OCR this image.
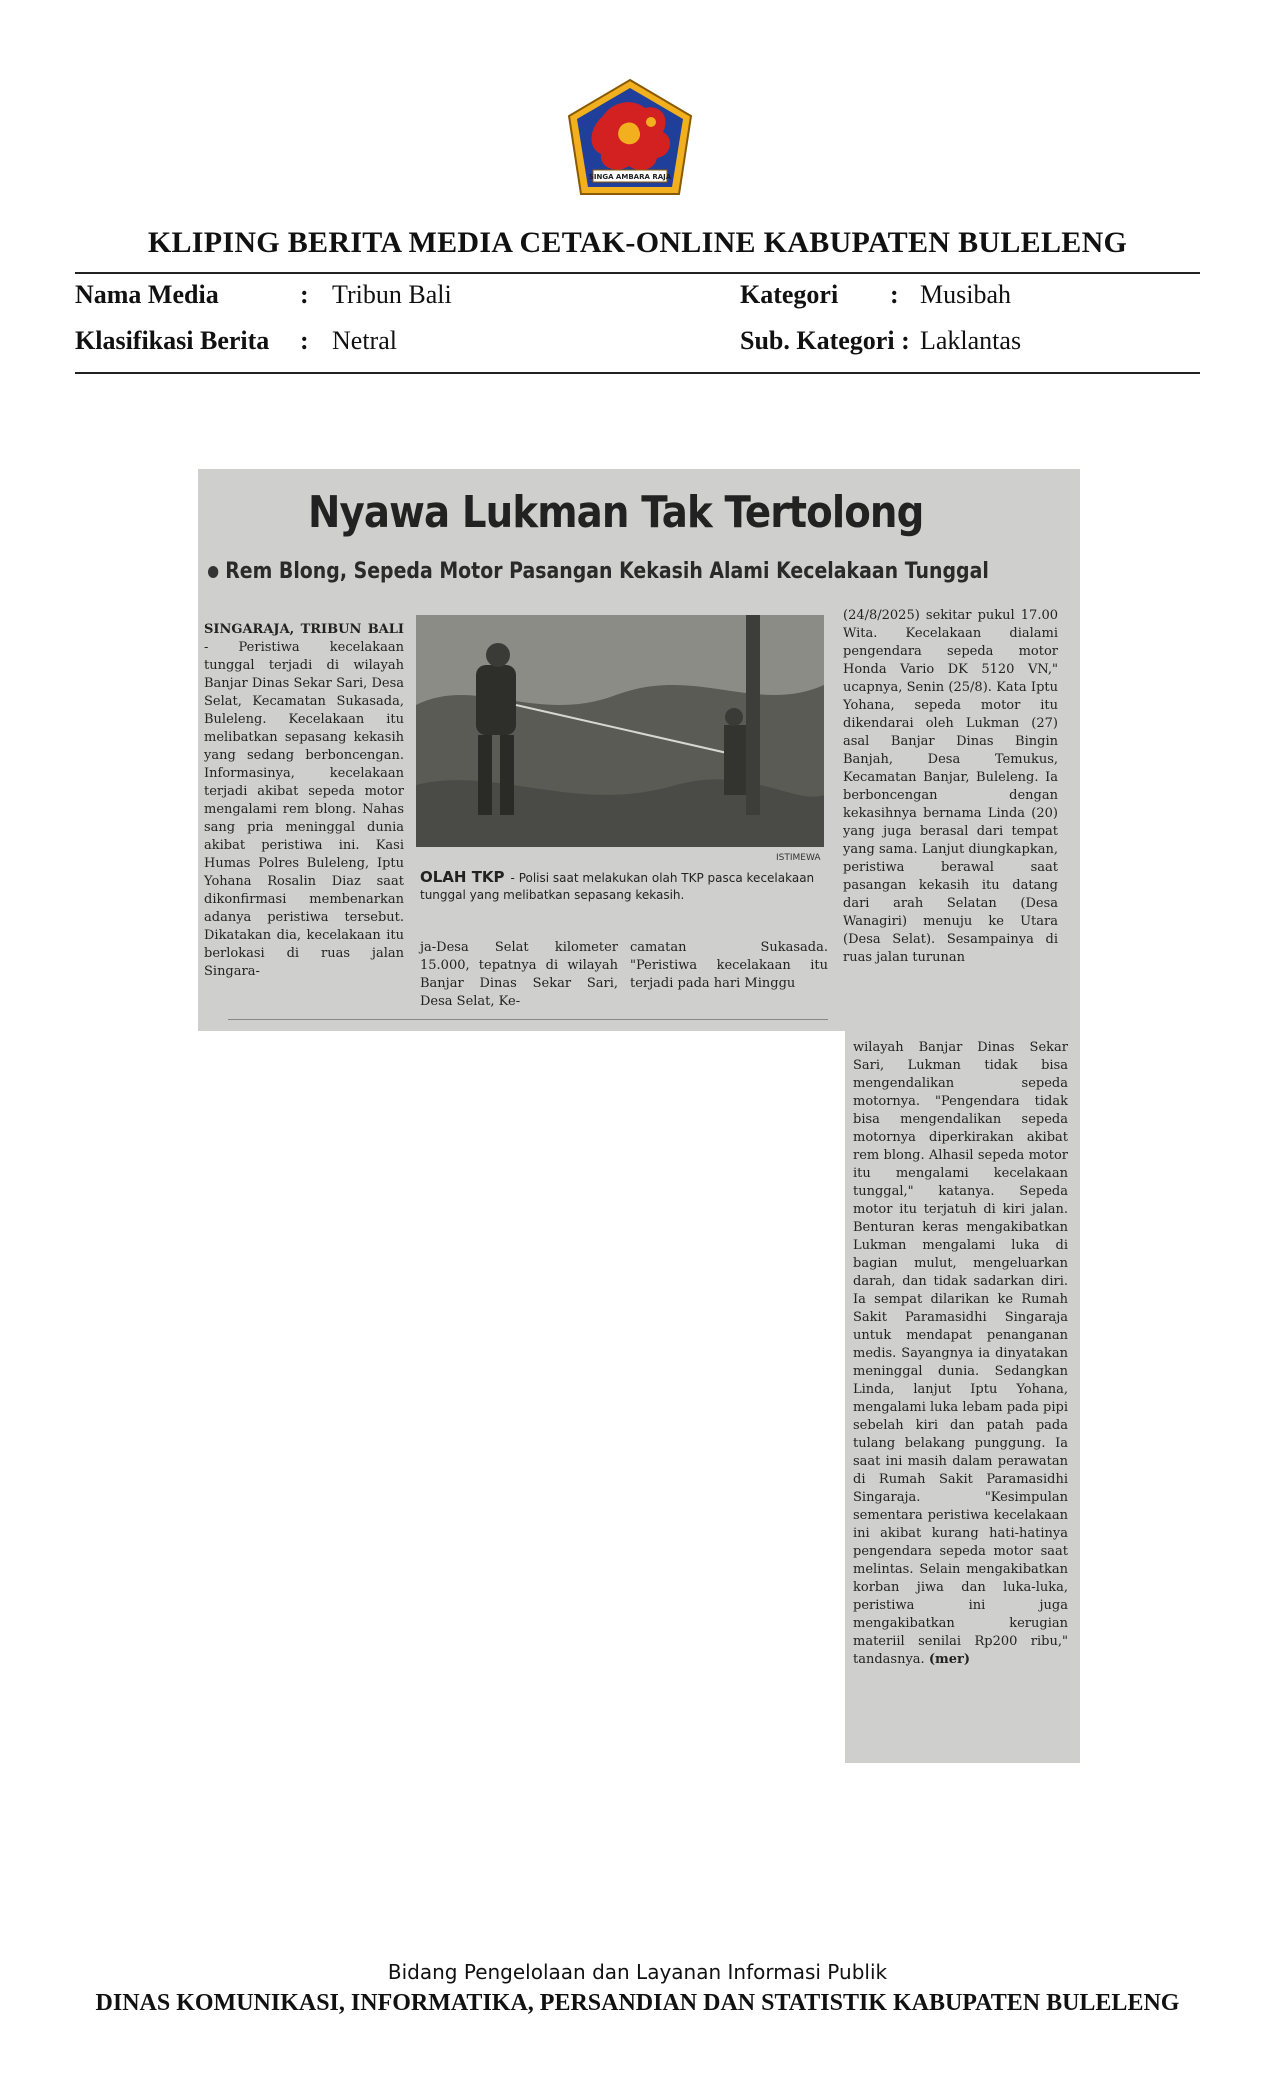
SINGA AMBARA RAJA
KLIPING BERITA MEDIA CETAK-ONLINE KABUPATEN BULELENG
Nama Media	: Tribun Bali
Klasifikasi Berita : Netral
Kategori : Musibah
Sub. Kategori : Laklantas
Nyawa Lukman Tak Tertolong
Rem Blong, Sepeda Motor Pasangan Kekasih Alami Kecelakaan Tunggal
SINGARAJA, TRIBUN BALI - Peristiwa kecelakaan tunggal terjadi di wilayah Banjar Dinas Sekar Sari, Desa Selat, Kecamatan Sukasada, Buleleng. Kecelakaan itu melibatkan sepasang kekasih yang sedang berboncengan. Informasinya, kecelakaan terjadi akibat sepeda motor mengalami rem blong. Nahas sang pria meninggal dunia akibat peristiwa ini. Kasi Humas Polres Buleleng, Iptu Yohana Rosalin Diaz saat dikonfirmasi membenarkan adanya peristiwa tersebut. Dikatakan dia, kecelakaan itu berlokasi di ruas jalan Singara-
ISTIMEWA
OLAH TKP - Polisi saat melakukan olah TKP pasca kecelakaan tunggal yang melibatkan sepasang kekasih.
ja-Desa Selat kilometer 15.000, tepatnya di wilayah Banjar Dinas Sekar Sari, Desa Selat, Ke-
camatan Sukasada. "Peristiwa kecelakaan itu terjadi pada hari Minggu
(24/8/2025) sekitar pukul 17.00 Wita. Kecelakaan dialami pengendara sepeda motor Honda Vario DK 5120 VN," ucapnya, Senin (25/8). Kata Iptu Yohana, sepeda motor itu dikendarai oleh Lukman (27) asal Banjar Dinas Bingin Banjah, Desa Temukus, Kecamatan Banjar, Buleleng. Ia berboncengan dengan kekasihnya bernama Linda (20) yang juga berasal dari tempat yang sama. Lanjut diungkapkan, peristiwa berawal saat pasangan kekasih itu datang dari arah Selatan (Desa Wanagiri) menuju ke Utara (Desa Selat). Sesampainya di ruas jalan turunan
wilayah Banjar Dinas Sekar Sari, Lukman tidak bisa mengendalikan sepeda motornya. "Pengendara tidak bisa mengendalikan sepeda motornya diperkirakan akibat rem blong. Alhasil sepeda motor itu mengalami kecelakaan tunggal," katanya. Sepeda motor itu terjatuh di kiri jalan. Benturan keras mengakibatkan Lukman mengalami luka di bagian mulut, mengeluarkan darah, dan tidak sadarkan diri. Ia sempat dilarikan ke Rumah Sakit Paramasidhi Singaraja untuk mendapat penanganan medis. Sayangnya ia dinyatakan meninggal dunia. Sedangkan Linda, lanjut Iptu Yohana, mengalami luka lebam pada pipi sebelah kiri dan patah pada tulang belakang punggung. Ia saat ini masih dalam perawatan di Rumah Sakit Paramasidhi Singaraja. "Kesimpulan sementara peristiwa kecelakaan ini akibat kurang hati-hatinya pengendara sepeda motor saat melintas. Selain mengakibatkan korban jiwa dan luka-luka, peristiwa ini juga mengakibatkan kerugian materiil senilai Rp200 ribu," tandasnya. (mer)
Bidang Pengelolaan dan Layanan Informasi Publik
DINAS KOMUNIKASI, INFORMATIKA, PERSANDIAN DAN STATISTIK KABUPATEN BULELENG
